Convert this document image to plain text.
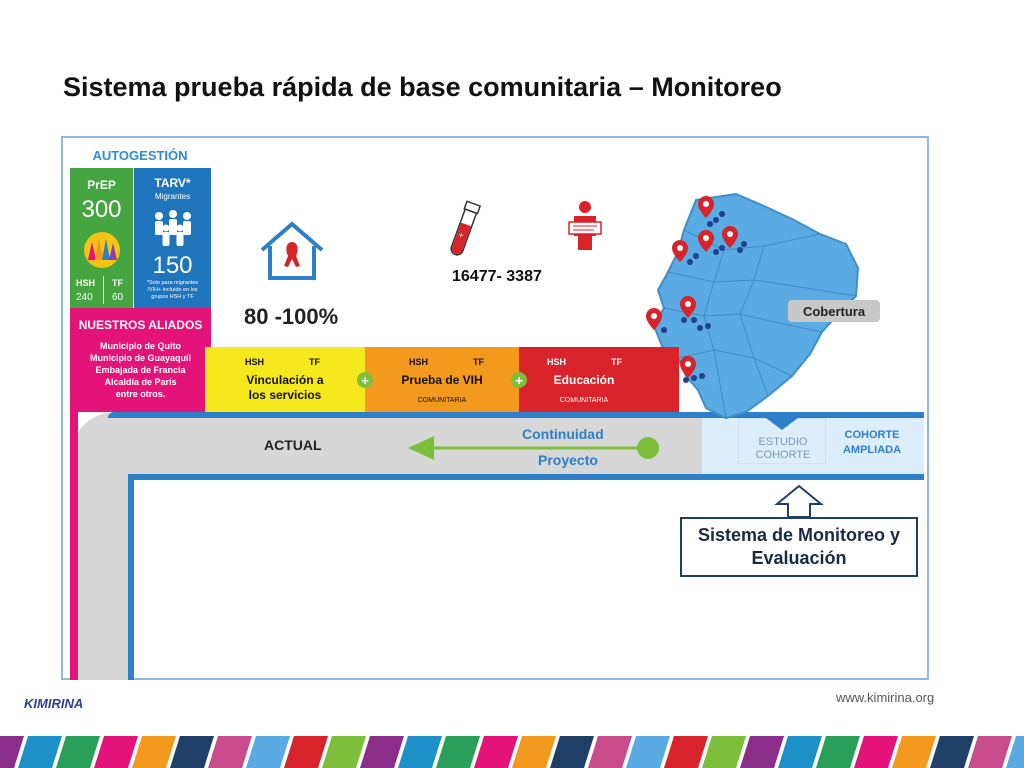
Sistema prueba rápida de base comunitaria – Monitoreo
AUTOGESTIÓN
PrEP
300
HSH
240
TF
60
TARV*
Migrantes
150
*Solo para migrantes /VIH+ incluido en los grupos HSH y TF
NUESTROS ALIADOS
Municipio de Quito
Municipio de Guayaquil
Embajada de Francia
Alcaldía de París
entre otros.
80 -100%
+
16477- 3387
Cobertura
HSH	TF
Vinculación a los servicios
HSH	TF
Prueba de VIH
COMUNITARIA
HSH	TF
Educación
COMUNITARIA
+	+
ACTUAL
Continuidad
Proyecto
ESTUDIO COHORTE
COHORTE AMPLIADA
Sistema de Monitoreo y Evaluación
www.kimirina.org
KIMIRINA
